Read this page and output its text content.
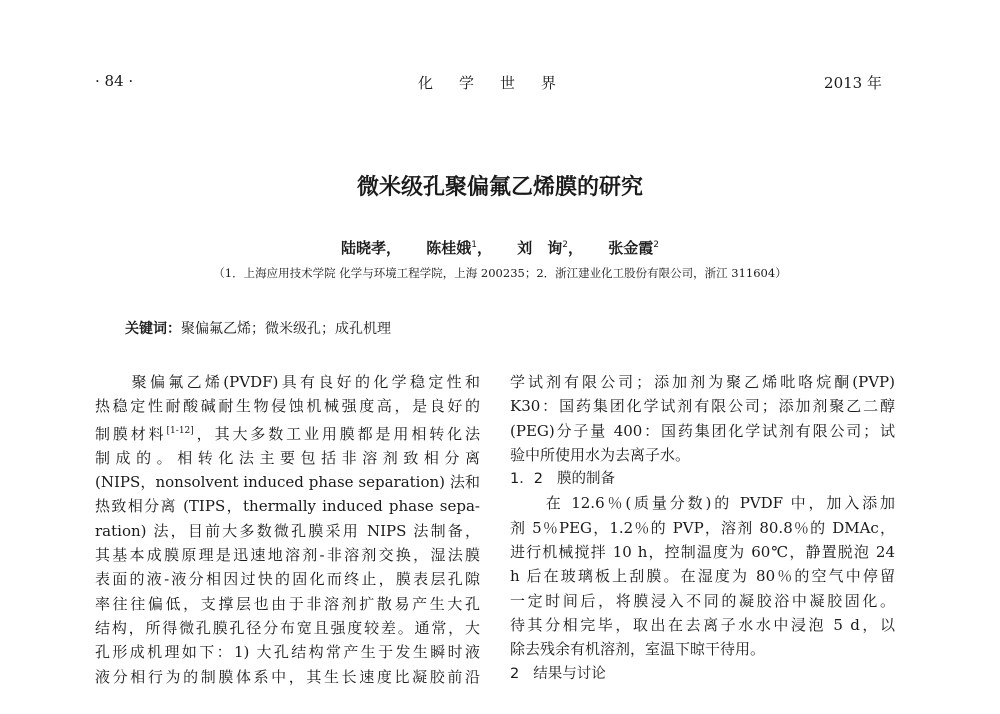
· 84 ·	化学世界	2013 年
微米级孔聚偏氟乙烯膜的研究
陆晓孝， 陈桂娥$^1$， 刘　询$^2$， 张金霞$^2$
（1．上海应用技术学院 化学与环境工程学院，上海 200235；2．浙江建业化工股份有限公司，浙江 311604）
关键词：聚偏氟乙烯；微米级孔；成孔机理
　　聚偏氟乙烯(PVDF)具有良好的化学稳定性和
热稳定性耐酸碱耐生物侵蚀机械强度高，是良好的
制膜材料[1-12]，其大多数工业用膜都是用相转化法
制成的。相转化法主要包括非溶剂致相分离
(NIPS，nonsolvent induced phase separation) 法和
热致相分离 (TIPS，thermally induced phase sepa-
ration) 法，目前大多数微孔膜采用 NIPS 法制备，
其基本成膜原理是迅速地溶剂-非溶剂交换，湿法膜
表面的液-液分相因过快的固化而终止，膜表层孔隙
率往往偏低，支撑层也由于非溶剂扩散易产生大孔
结构，所得微孔膜孔径分布宽且强度较差。通常，大
孔形成机理如下：1) 大孔结构常产生于发生瞬时液
液分相行为的制膜体系中，其生长速度比凝胶前沿
学试剂有限公司；添加剂为聚乙烯吡咯烷酮(PVP)
K30：国药集团化学试剂有限公司；添加剂聚乙二醇
(PEG)分子量 400：国药集团化学试剂有限公司；试
验中所使用水为去离子水。
1．2 膜的制备
　　在 12.6％(质量分数)的 PVDF 中，加入添加
剂 5％PEG，1.2％的 PVP，溶剂 80.8％的 DMAc，
进行机械搅拌 10 h，控制温度为 60℃，静置脱泡 24
h 后在玻璃板上刮膜。在湿度为 80％的空气中停留
一定时间后，将膜浸入不同的凝胶浴中凝胶固化。
待其分相完毕，取出在去离子水水中浸泡 5 d，以
除去残余有机溶剂，室温下晾干待用。
2 结果与讨论
